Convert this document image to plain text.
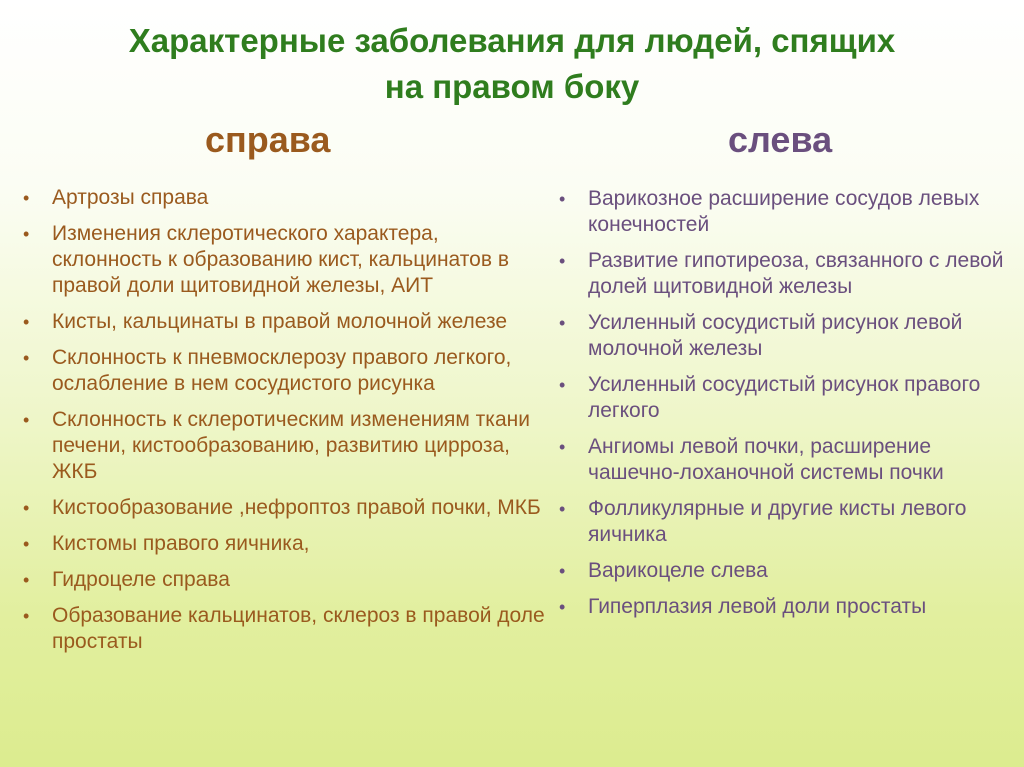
Характерные заболевания для людей, спящих
на правом боку
справа	слева
• Артрозы справа
• Изменения склеротического характера, склонность к образованию кист, кальцинатов в правой доли щитовидной железы, АИТ
• Кисты, кальцинаты в правой молочной железе
• Склонность к пневмосклерозу правого легкого, ослабление в нем сосудистого рисунка
• Склонность к склеротическим изменениям ткани печени, кистообразованию, развитию цирроза, ЖКБ
• Кистообразование ,нефроптоз правой почки, МКБ
• Кистомы правого яичника,
• Гидроцеле справа
• Образование кальцинатов, склероз в правой доле простаты
• Варикозное расширение сосудов левых конечностей
• Развитие гипотиреоза, связанного с левой долей щитовидной железы
• Усиленный сосудистый рисунок левой молочной железы
• Усиленный сосудистый рисунок правого легкого
• Ангиомы левой почки, расширение чашечно-лоханочной системы почки
• Фолликулярные и другие кисты левого яичника
• Варикоцеле слева
• Гиперплазия левой доли простаты
